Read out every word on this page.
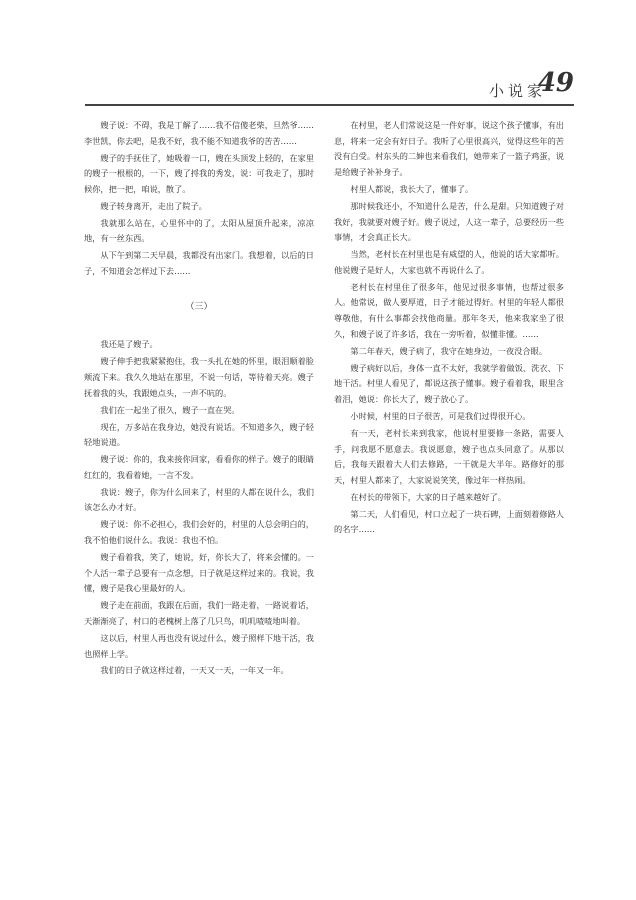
小说家
49

嫂子说：不碍，我是丁解了……我不信傻老柴，旦然爷……李世凯，你去吧，是我不好，我不能不知道我爷的苦苦……

嫂子的手抚住了，她吸着一口，嫂在头顶发上轻的，在家里的嫂子一根根的，一下，嫂了捋我的秀发，说：可我走了，那时候你，把一把，咱说，散了。

嫂子转身离开，走出了院子。

我就那么站在，心里怀中的了，太阳从屋顶升起来，凉凉地，有一丝东西。

从下午到第二天早晨，我都没有出家门。我想着，以后的日子，不知道会怎样过下去……

（三）

我还是了嫂子。

嫂子伸手把我紧紧抱住，我一头扎在她的怀里，眼泪顺着脸颊流下来。我久久地站在那里，不说一句话，等待着天亮。嫂子抚着我的头，我跟她点头，一声不吭的。

我们在一起坐了很久，嫂子一直在哭。

现在，万多站在我身边，她没有说话。不知道多久，嫂子轻轻地说道。

嫂子说：你的，我来接你回家，看看你的样子。嫂子的眼睛红红的，我看着她，一言不发。

我说：嫂子，你为什么回来了，村里的人都在说什么，我们该怎么办才好。

嫂子说：你不必担心，我们会好的，村里的人总会明白的，我不怕他们说什么。我说：我也不怕。

嫂子看着我，笑了，她说，好，你长大了，将来会懂的。一个人活一辈子总要有一点念想，日子就是这样过来的。我说，我懂，嫂子是我心里最好的人。

嫂子走在前面，我跟在后面，我们一路走着，一路说着话，天渐渐亮了，村口的老槐树上落了几只鸟，叽叽喳喳地叫着。

这以后，村里人再也没有说过什么，嫂子照样下地干活，我也照样上学。

我们的日子就这样过着，一天又一天，一年又一年。

在村里，老人们常说这是一件好事，说这个孩子懂事，有出息，将来一定会有好日子。我听了心里很高兴，觉得这些年的苦没有白受。村东头的二婶也来看我们，她带来了一篮子鸡蛋，说是给嫂子补补身子。

村里人都说，我长大了，懂事了。

那时候我还小，不知道什么是苦，什么是甜。只知道嫂子对我好，我就要对嫂子好。嫂子说过，人这一辈子，总要经历一些事情，才会真正长大。

当然，老村长在村里也是有威望的人，他说的话大家都听。他说嫂子是好人，大家也就不再说什么了。

老村长在村里住了很多年，他见过很多事情，也帮过很多人。他常说，做人要厚道，日子才能过得好。村里的年轻人都很尊敬他，有什么事都会找他商量。那年冬天，他来我家坐了很久，和嫂子说了许多话，我在一旁听着，似懂非懂。……

第二年春天，嫂子病了，我守在她身边，一夜没合眼。

嫂子病好以后，身体一直不太好，我就学着做饭、洗衣、下地干活。村里人看见了，都说这孩子懂事。嫂子看着我，眼里含着泪，她说：你长大了，嫂子放心了。

小时候，村里的日子很苦，可是我们过得很开心。

有一天，老村长来到我家，他说村里要修一条路，需要人手，问我愿不愿意去。我说愿意，嫂子也点头同意了。从那以后，我每天跟着大人们去修路，一干就是大半年。路修好的那天，村里人都来了，大家说说笑笑，像过年一样热闹。

在村长的带领下，大家的日子越来越好了。

第二天，人们看见，村口立起了一块石碑，上面刻着修路人的名字……
